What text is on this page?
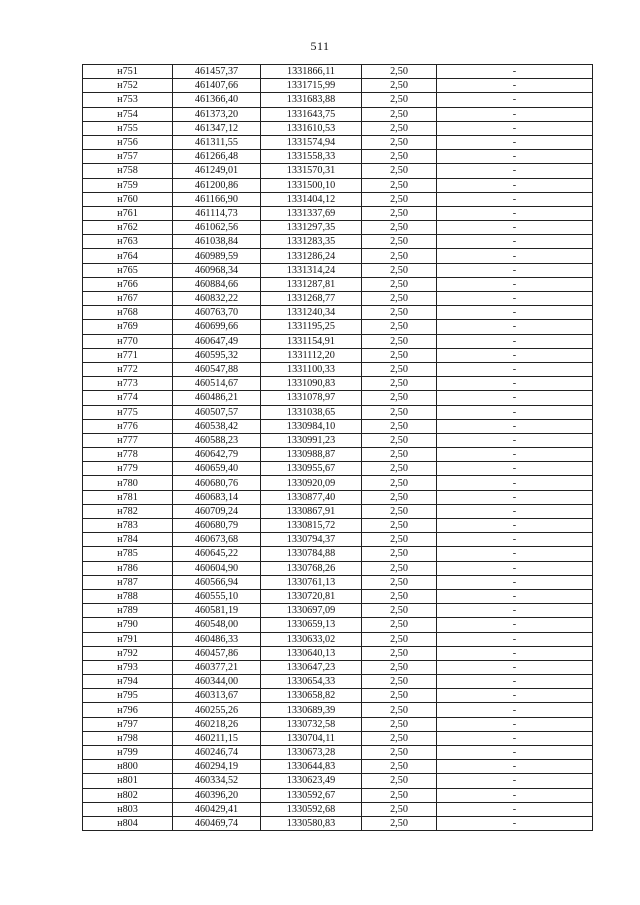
511
н751	461457,37	1331866,11	2,50	-
н752	461407,66	1331715,99	2,50	-
н753	461366,40	1331683,88	2,50	-
н754	461373,20	1331643,75	2,50	-
н755	461347,12	1331610,53	2,50	-
н756	461311,55	1331574,94	2,50	-
н757	461266,48	1331558,33	2,50	-
н758	461249,01	1331570,31	2,50	-
н759	461200,86	1331500,10	2,50	-
н760	461166,90	1331404,12	2,50	-
н761	461114,73	1331337,69	2,50	-
н762	461062,56	1331297,35	2,50	-
н763	461038,84	1331283,35	2,50	-
н764	460989,59	1331286,24	2,50	-
н765	460968,34	1331314,24	2,50	-
н766	460884,66	1331287,81	2,50	-
н767	460832,22	1331268,77	2,50	-
н768	460763,70	1331240,34	2,50	-
н769	460699,66	1331195,25	2,50	-
н770	460647,49	1331154,91	2,50	-
н771	460595,32	1331112,20	2,50	-
н772	460547,88	1331100,33	2,50	-
н773	460514,67	1331090,83	2,50	-
н774	460486,21	1331078,97	2,50	-
н775	460507,57	1331038,65	2,50	-
н776	460538,42	1330984,10	2,50	-
н777	460588,23	1330991,23	2,50	-
н778	460642,79	1330988,87	2,50	-
н779	460659,40	1330955,67	2,50	-
н780	460680,76	1330920,09	2,50	-
н781	460683,14	1330877,40	2,50	-
н782	460709,24	1330867,91	2,50	-
н783	460680,79	1330815,72	2,50	-
н784	460673,68	1330794,37	2,50	-
н785	460645,22	1330784,88	2,50	-
н786	460604,90	1330768,26	2,50	-
н787	460566,94	1330761,13	2,50	-
н788	460555,10	1330720,81	2,50	-
н789	460581,19	1330697,09	2,50	-
н790	460548,00	1330659,13	2,50	-
н791	460486,33	1330633,02	2,50	-
н792	460457,86	1330640,13	2,50	-
н793	460377,21	1330647,23	2,50	-
н794	460344,00	1330654,33	2,50	-
н795	460313,67	1330658,82	2,50	-
н796	460255,26	1330689,39	2,50	-
н797	460218,26	1330732,58	2,50	-
н798	460211,15	1330704,11	2,50	-
н799	460246,74	1330673,28	2,50	-
н800	460294,19	1330644,83	2,50	-
н801	460334,52	1330623,49	2,50	-
н802	460396,20	1330592,67	2,50	-
н803	460429,41	1330592,68	2,50	-
н804	460469,74	1330580,83	2,50	-
